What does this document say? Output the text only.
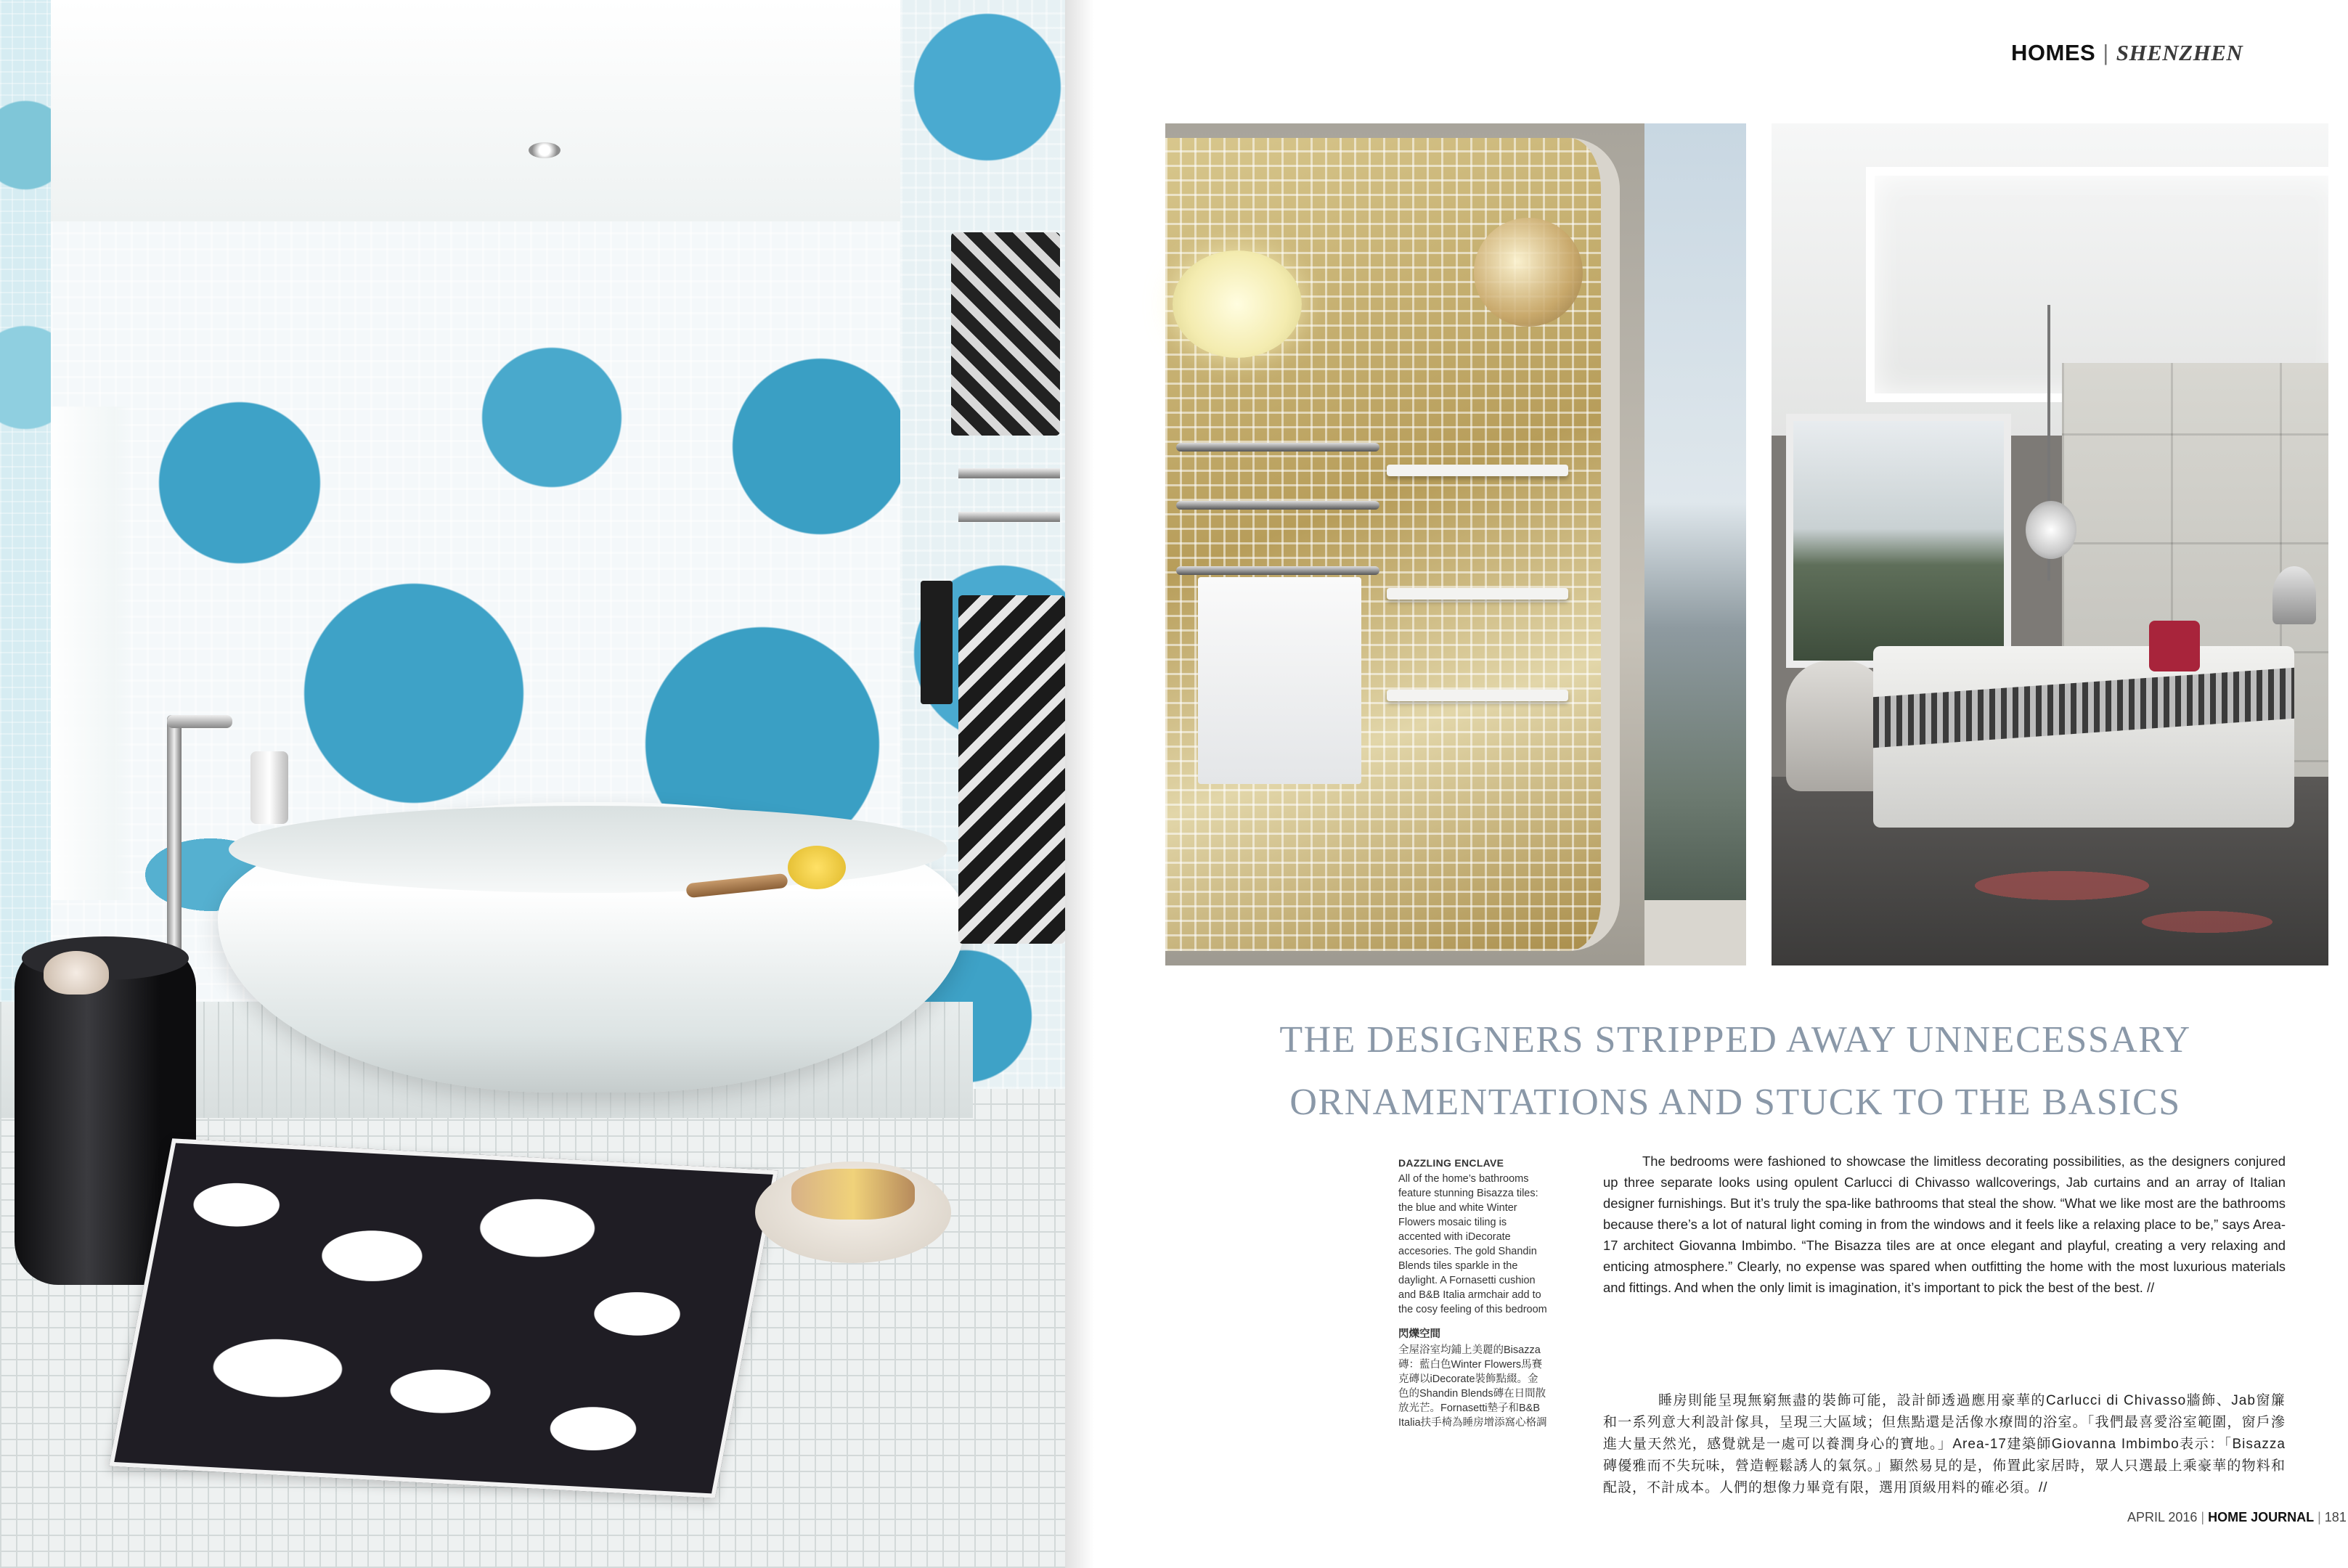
HOMES | SHENZHEN
THE DESIGNERS STRIPPED AWAY UNNECESSARY
ORNAMENTATIONS AND STUCK TO THE BASICS
DAZZLING ENCLAVE
All of the home’s bathrooms feature stunning Bisazza tiles: the blue and white Winter Flowers mosaic tiling is accented with iDecorate accesories. The gold Shandin Blends tiles sparkle in the daylight. A Fornasetti cushion and B&B Italia armchair add to the cosy feeling of this bedroom
閃爍空間
全屋浴室均鋪上美麗的Bisazza磚：藍白色Winter Flowers馬賽克磚以iDecorate裝飾點綴。金色的Shandin Blends磚在日間散放光芒。Fornasetti墊子和B&B Italia扶手椅為睡房增添窩心格調

The bedrooms were fashioned to showcase the limitless decorating possibilities, as the designers conjured up three separate looks using opulent Carlucci di Chivasso wallcoverings, Jab curtains and an array of Italian designer furnishings. But it’s truly the spa-like bathrooms that steal the show. “What we like most are the bathrooms because there’s a lot of natural light coming in from the windows and it feels like a relaxing place to be,” says Area-17 architect Giovanna Imbimbo. “The Bisazza tiles are at once elegant and playful, creating a very relaxing and enticing atmosphere.” Clearly, no expense was spared when outfitting the home with the most luxurious materials and fittings. And when the only limit is imagination, it’s important to pick the best of the best. //

睡房則能呈現無窮無盡的裝飾可能，設計師透過應用豪華的Carlucci di Chivasso牆飾、Jab窗簾和一系列意大利設計傢具，呈現三大區域；但焦點還是活像水療間的浴室。「我們最喜愛浴室範圍，窗戶滲進大量天然光，感覺就是一處可以養潤身心的寶地。」Area-17建築師Giovanna Imbimbo表示：「Bisazza磚優雅而不失玩味，營造輕鬆誘人的氣氛。」顯然易見的是，佈置此家居時，眾人只選最上乘豪華的物料和配設，不計成本。人們的想像力畢竟有限，選用頂級用料的確必須。//

APRIL 2016 | HOME JOURNAL | 181
